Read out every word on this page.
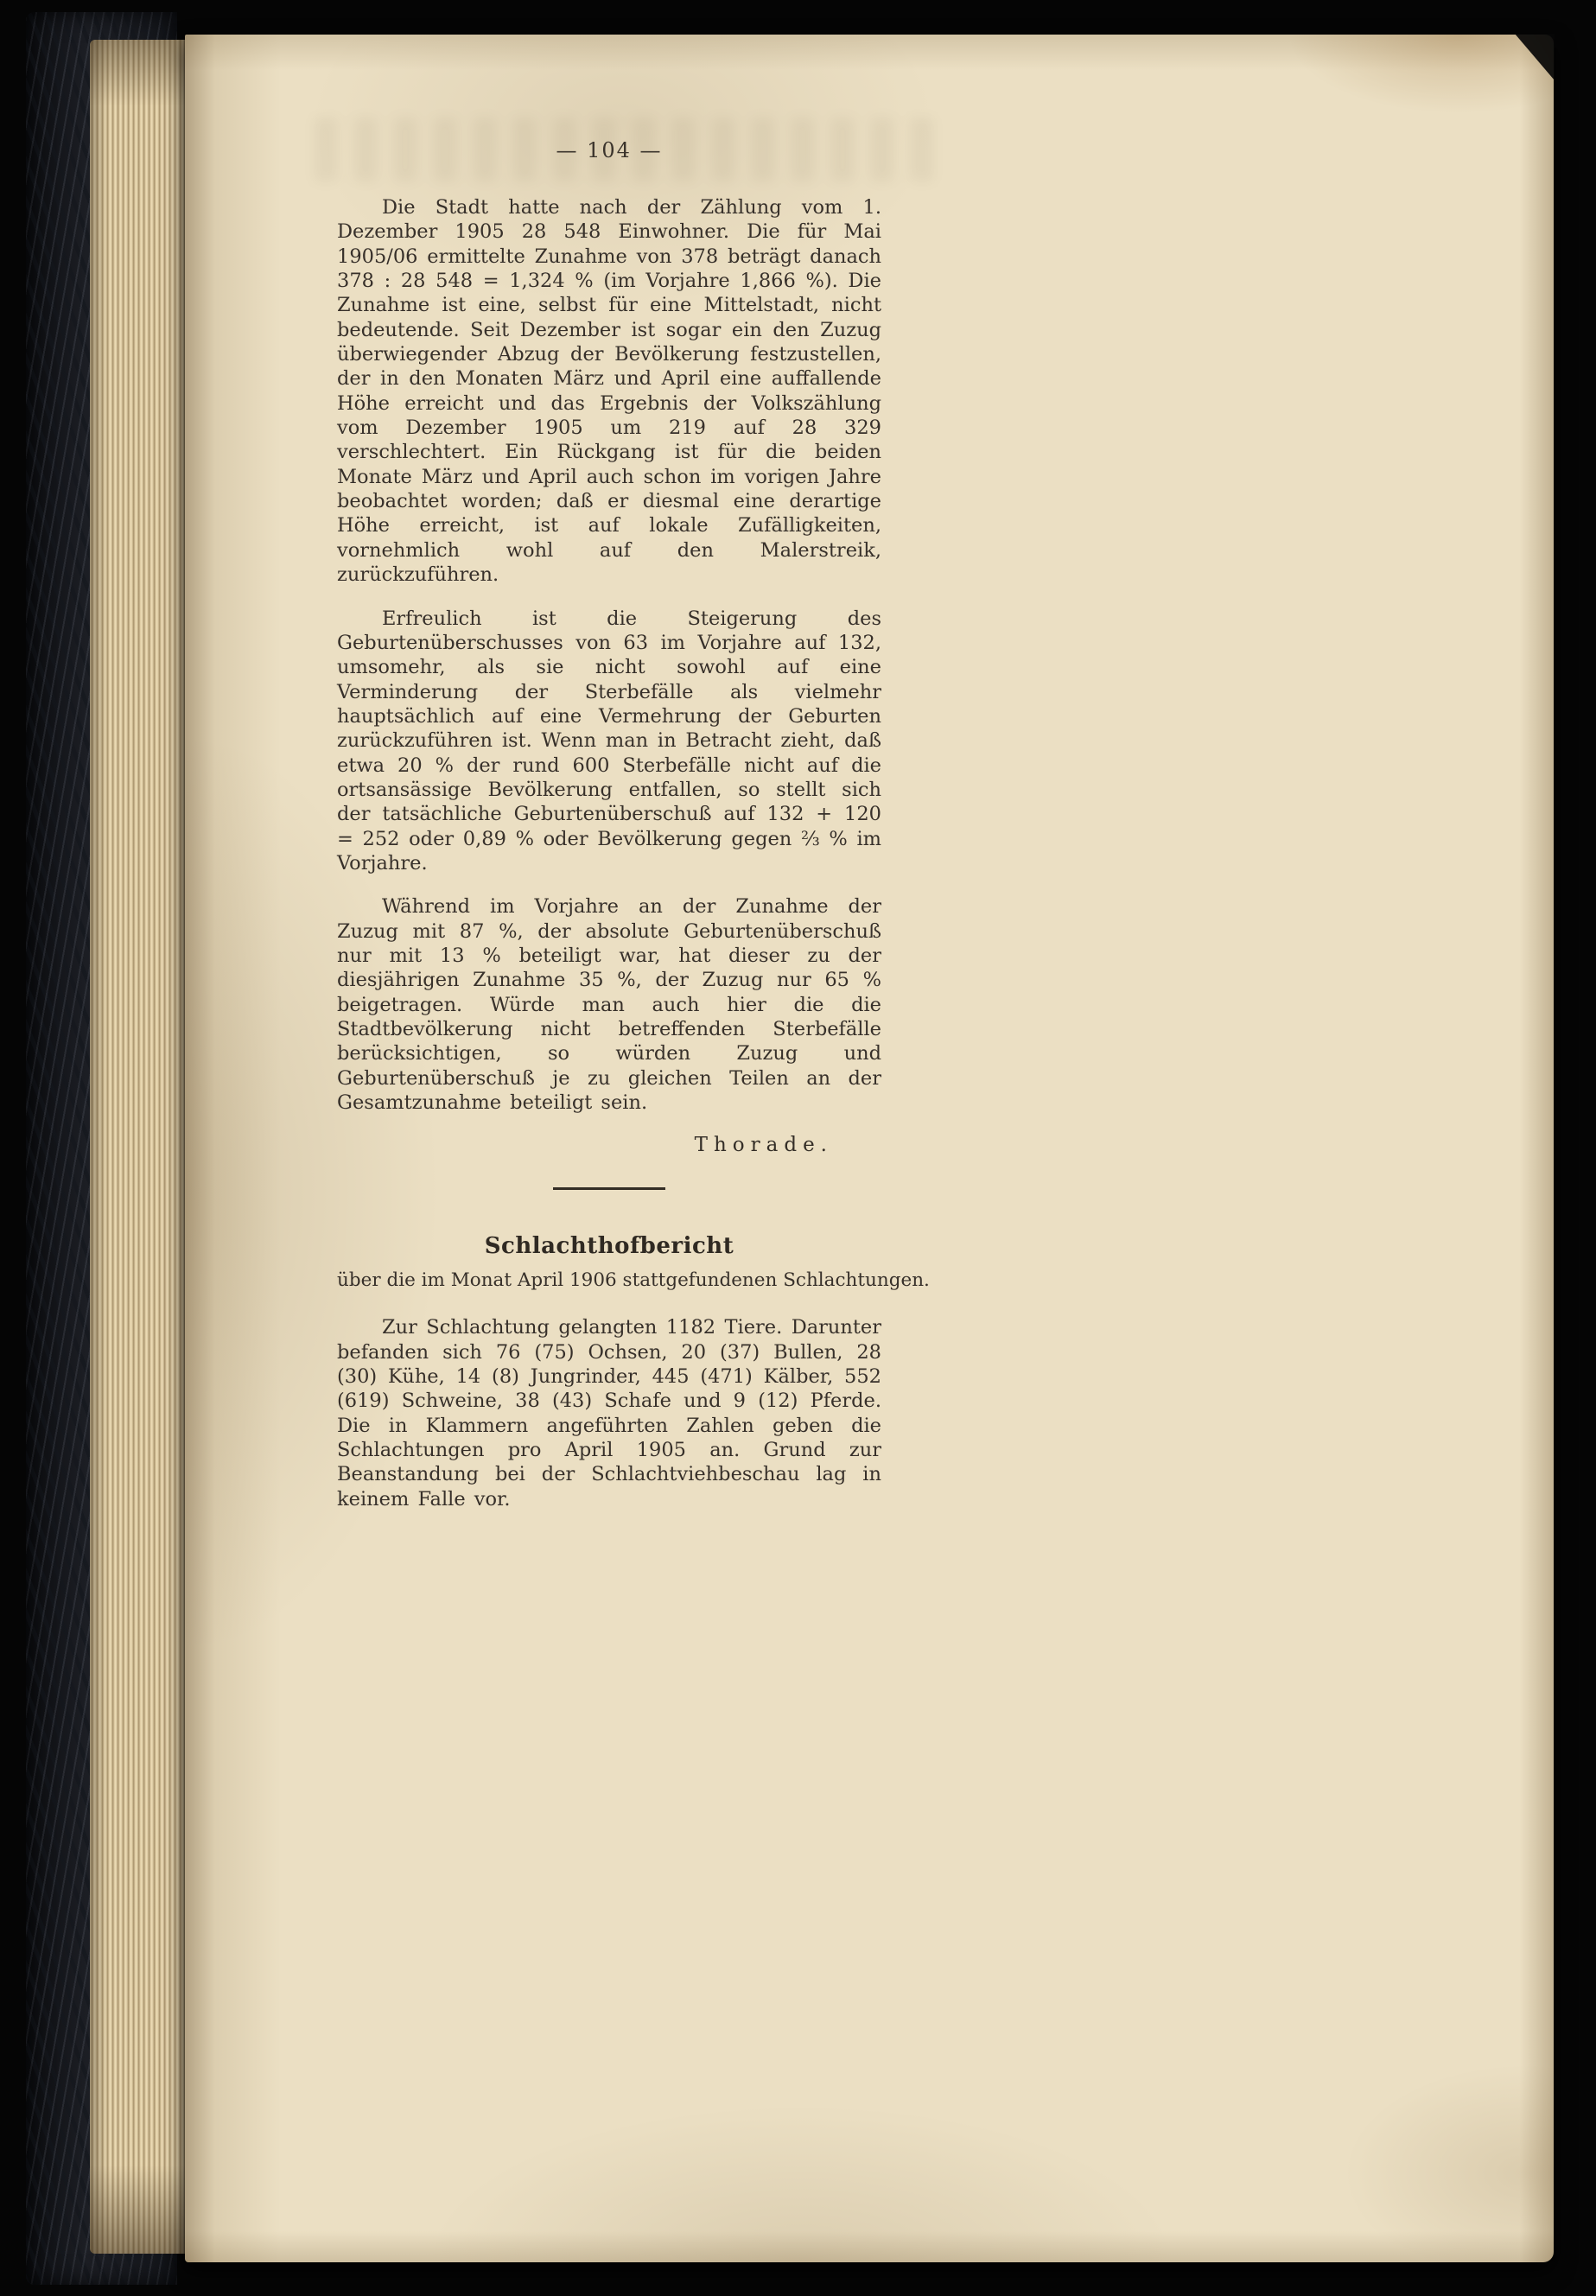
— 104 —

Die Stadt hatte nach der Zählung vom 1. Dezember 1905 28 548 Einwohner. Die für Mai 1905/06 ermittelte Zunahme von 378 beträgt danach 378 : 28 548 = 1,324 % (im Vorjahre 1,866 %). Die Zunahme ist eine, selbst für eine Mittelstadt, nicht bedeutende. Seit Dezember ist sogar ein den Zuzug überwiegender Abzug der Bevölkerung festzustellen, der in den Monaten März und April eine auffallende Höhe erreicht und das Ergebnis der Volkszählung vom Dezember 1905 um 219 auf 28 329 verschlechtert. Ein Rückgang ist für die beiden Monate März und April auch schon im vorigen Jahre beobachtet worden; daß er diesmal eine derartige Höhe erreicht, ist auf lokale Zufälligkeiten, vornehmlich wohl auf den Malerstreik, zurückzuführen.

Erfreulich ist die Steigerung des Geburtenüberschusses von 63 im Vorjahre auf 132, umsomehr, als sie nicht sowohl auf eine Verminderung der Sterbefälle als vielmehr hauptsächlich auf eine Vermehrung der Geburten zurückzuführen ist. Wenn man in Betracht zieht, daß etwa 20 % der rund 600 Sterbefälle nicht auf die ortsansässige Bevölkerung entfallen, so stellt sich der tatsächliche Geburtenüberschuß auf 132 + 120 = 252 oder 0,89 % oder Bevölkerung gegen ⅔ % im Vorjahre.

Während im Vorjahre an der Zunahme der Zuzug mit 87 %, der absolute Geburtenüberschuß nur mit 13 % beteiligt war, hat dieser zu der diesjährigen Zunahme 35 %, der Zuzug nur 65 % beigetragen. Würde man auch hier die die Stadtbevölkerung nicht betreffenden Sterbefälle berücksichtigen, so würden Zuzug und Geburtenüberschuß je zu gleichen Teilen an der Gesamtzunahme beteiligt sein.

Thorade.
Schlachthofbericht
über die im Monat April 1906 stattgefundenen Schlachtungen.

Zur Schlachtung gelangten 1182 Tiere. Darunter befanden sich 76 (75) Ochsen, 20 (37) Bullen, 28 (30) Kühe, 14 (8) Jungrinder, 445 (471) Kälber, 552 (619) Schweine, 38 (43) Schafe und 9 (12) Pferde. Die in Klammern angeführten Zahlen geben die Schlachtungen pro April 1905 an. Grund zur Beanstandung bei der Schlachtviehbeschau lag in keinem Falle vor.
